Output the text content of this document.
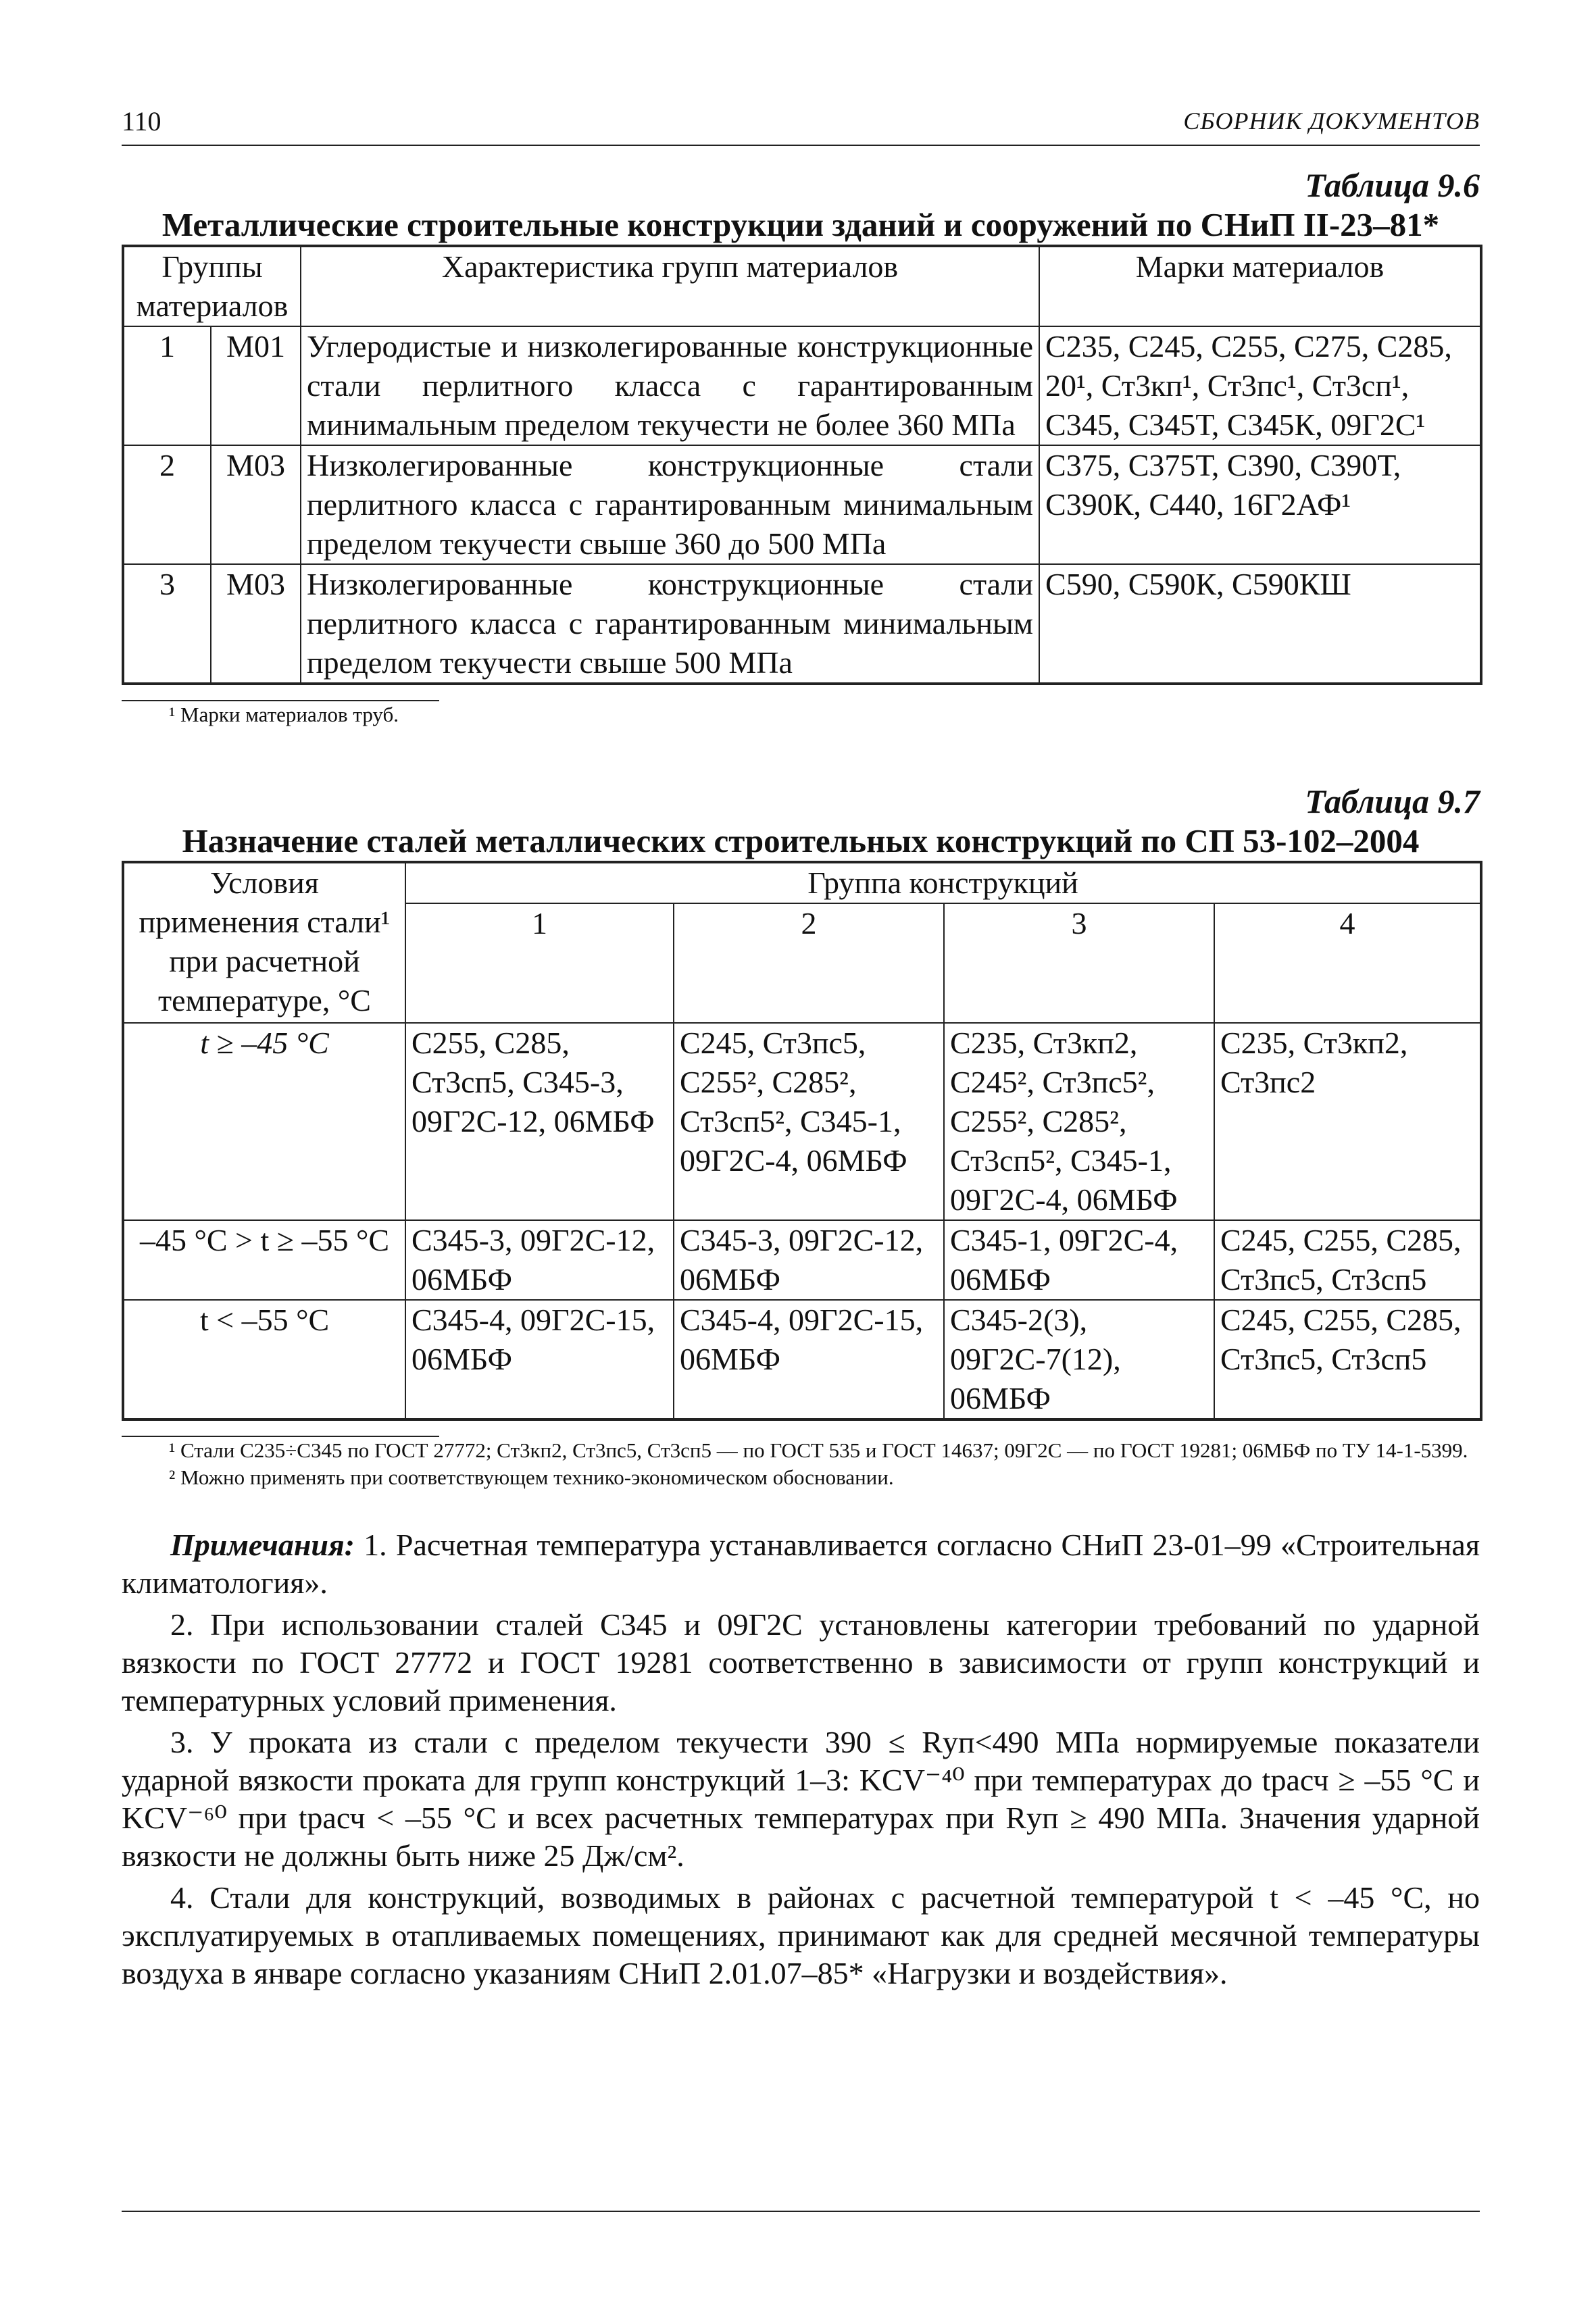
110	СБОРНИК ДОКУМЕНТОВ
Таблица 9.6
Металлические строительные конструкции зданий и сооружений по СНиП II-23–81*
Группы материалов		Характеристика групп материалов	Марки материалов
1	М01	Углеродистые и низколегированные конструкционные стали перлитного класса с гарантированным минимальным пределом текучести не более 360 МПа	С235, С245, С255, С275, С285, 20¹, Ст3кп¹, Ст3пс¹, Ст3сп¹, С345, С345Т, С345К, 09Г2С¹
2	М03	Низколегированные конструкционные стали перлитного класса с гарантированным минимальным пределом текучести свыше 360 до 500 МПа	С375, С375Т, С390, С390Т, С390К, С440, 16Г2АФ¹
3	М03	Низколегированные конструкционные стали перлитного класса с гарантированным минимальным пределом текучести свыше 500 МПа	С590, С590К, С590КШ
¹ Марки материалов труб.
Таблица 9.7
Назначение сталей металлических строительных конструкций по СП 53-102–2004
Условия применения стали¹ при расчетной температуре, °С	Группа конструкций			
	1	2	3	4
t ≥ –45 °С	С255, С285, Ст3сп5, С345-3, 09Г2С-12, 06МБФ	С245, Ст3пс5, С255², С285², Ст3сп5², С345-1, 09Г2С-4, 06МБФ	С235, Ст3кп2, С245², Ст3пс5², С255², С285², Ст3сп5², С345-1, 09Г2С-4, 06МБФ	С235, Ст3кп2, Ст3пс2
–45 °С > t ≥ –55 °С	С345-3, 09Г2С-12, 06МБФ	С345-3, 09Г2С-12, 06МБФ	С345-1, 09Г2С-4, 06МБФ	С245, С255, С285, Ст3пс5, Ст3сп5
t < –55 °С	С345-4, 09Г2С-15, 06МБФ	С345-4, 09Г2С-15, 06МБФ	С345-2(3), 09Г2С-7(12), 06МБФ	С245, С255, С285, Ст3пс5, Ст3сп5
¹ Стали С235÷С345 по ГОСТ 27772; Ст3кп2, Ст3пс5, Ст3сп5 — по ГОСТ 535 и ГОСТ 14637; 09Г2С — по ГОСТ 19281; 06МБФ по ТУ 14-1-5399.
² Можно применять при соответствующем технико-экономическом обосновании.

Примечания: 1. Расчетная температура устанавливается согласно СНиП 23-01–99 «Строительная климатология».

2. При использовании сталей С345 и 09Г2С установлены категории требований по ударной вязкости по ГОСТ 27772 и ГОСТ 19281 соответственно в зависимости от групп конструкций и температурных условий применения.

3. У проката из стали с пределом текучести 390 ≤ Rуп<490 МПа нормируемые показатели ударной вязкости проката для групп конструкций 1–3: KCV⁻⁴⁰ при температурах до tрасч ≥ –55 °С и KCV⁻⁶⁰ при tрасч < –55 °С и всех расчетных температурах при Rуп ≥ 490 МПа. Значения ударной вязкости не должны быть ниже 25 Дж/см².

4. Стали для конструкций, возводимых в районах с расчетной температурой t < –45 °С, но эксплуатируемых в отапливаемых помещениях, принимают как для средней месячной температуры воздуха в январе согласно указаниям СНиП 2.01.07–85* «Нагрузки и воздействия».
